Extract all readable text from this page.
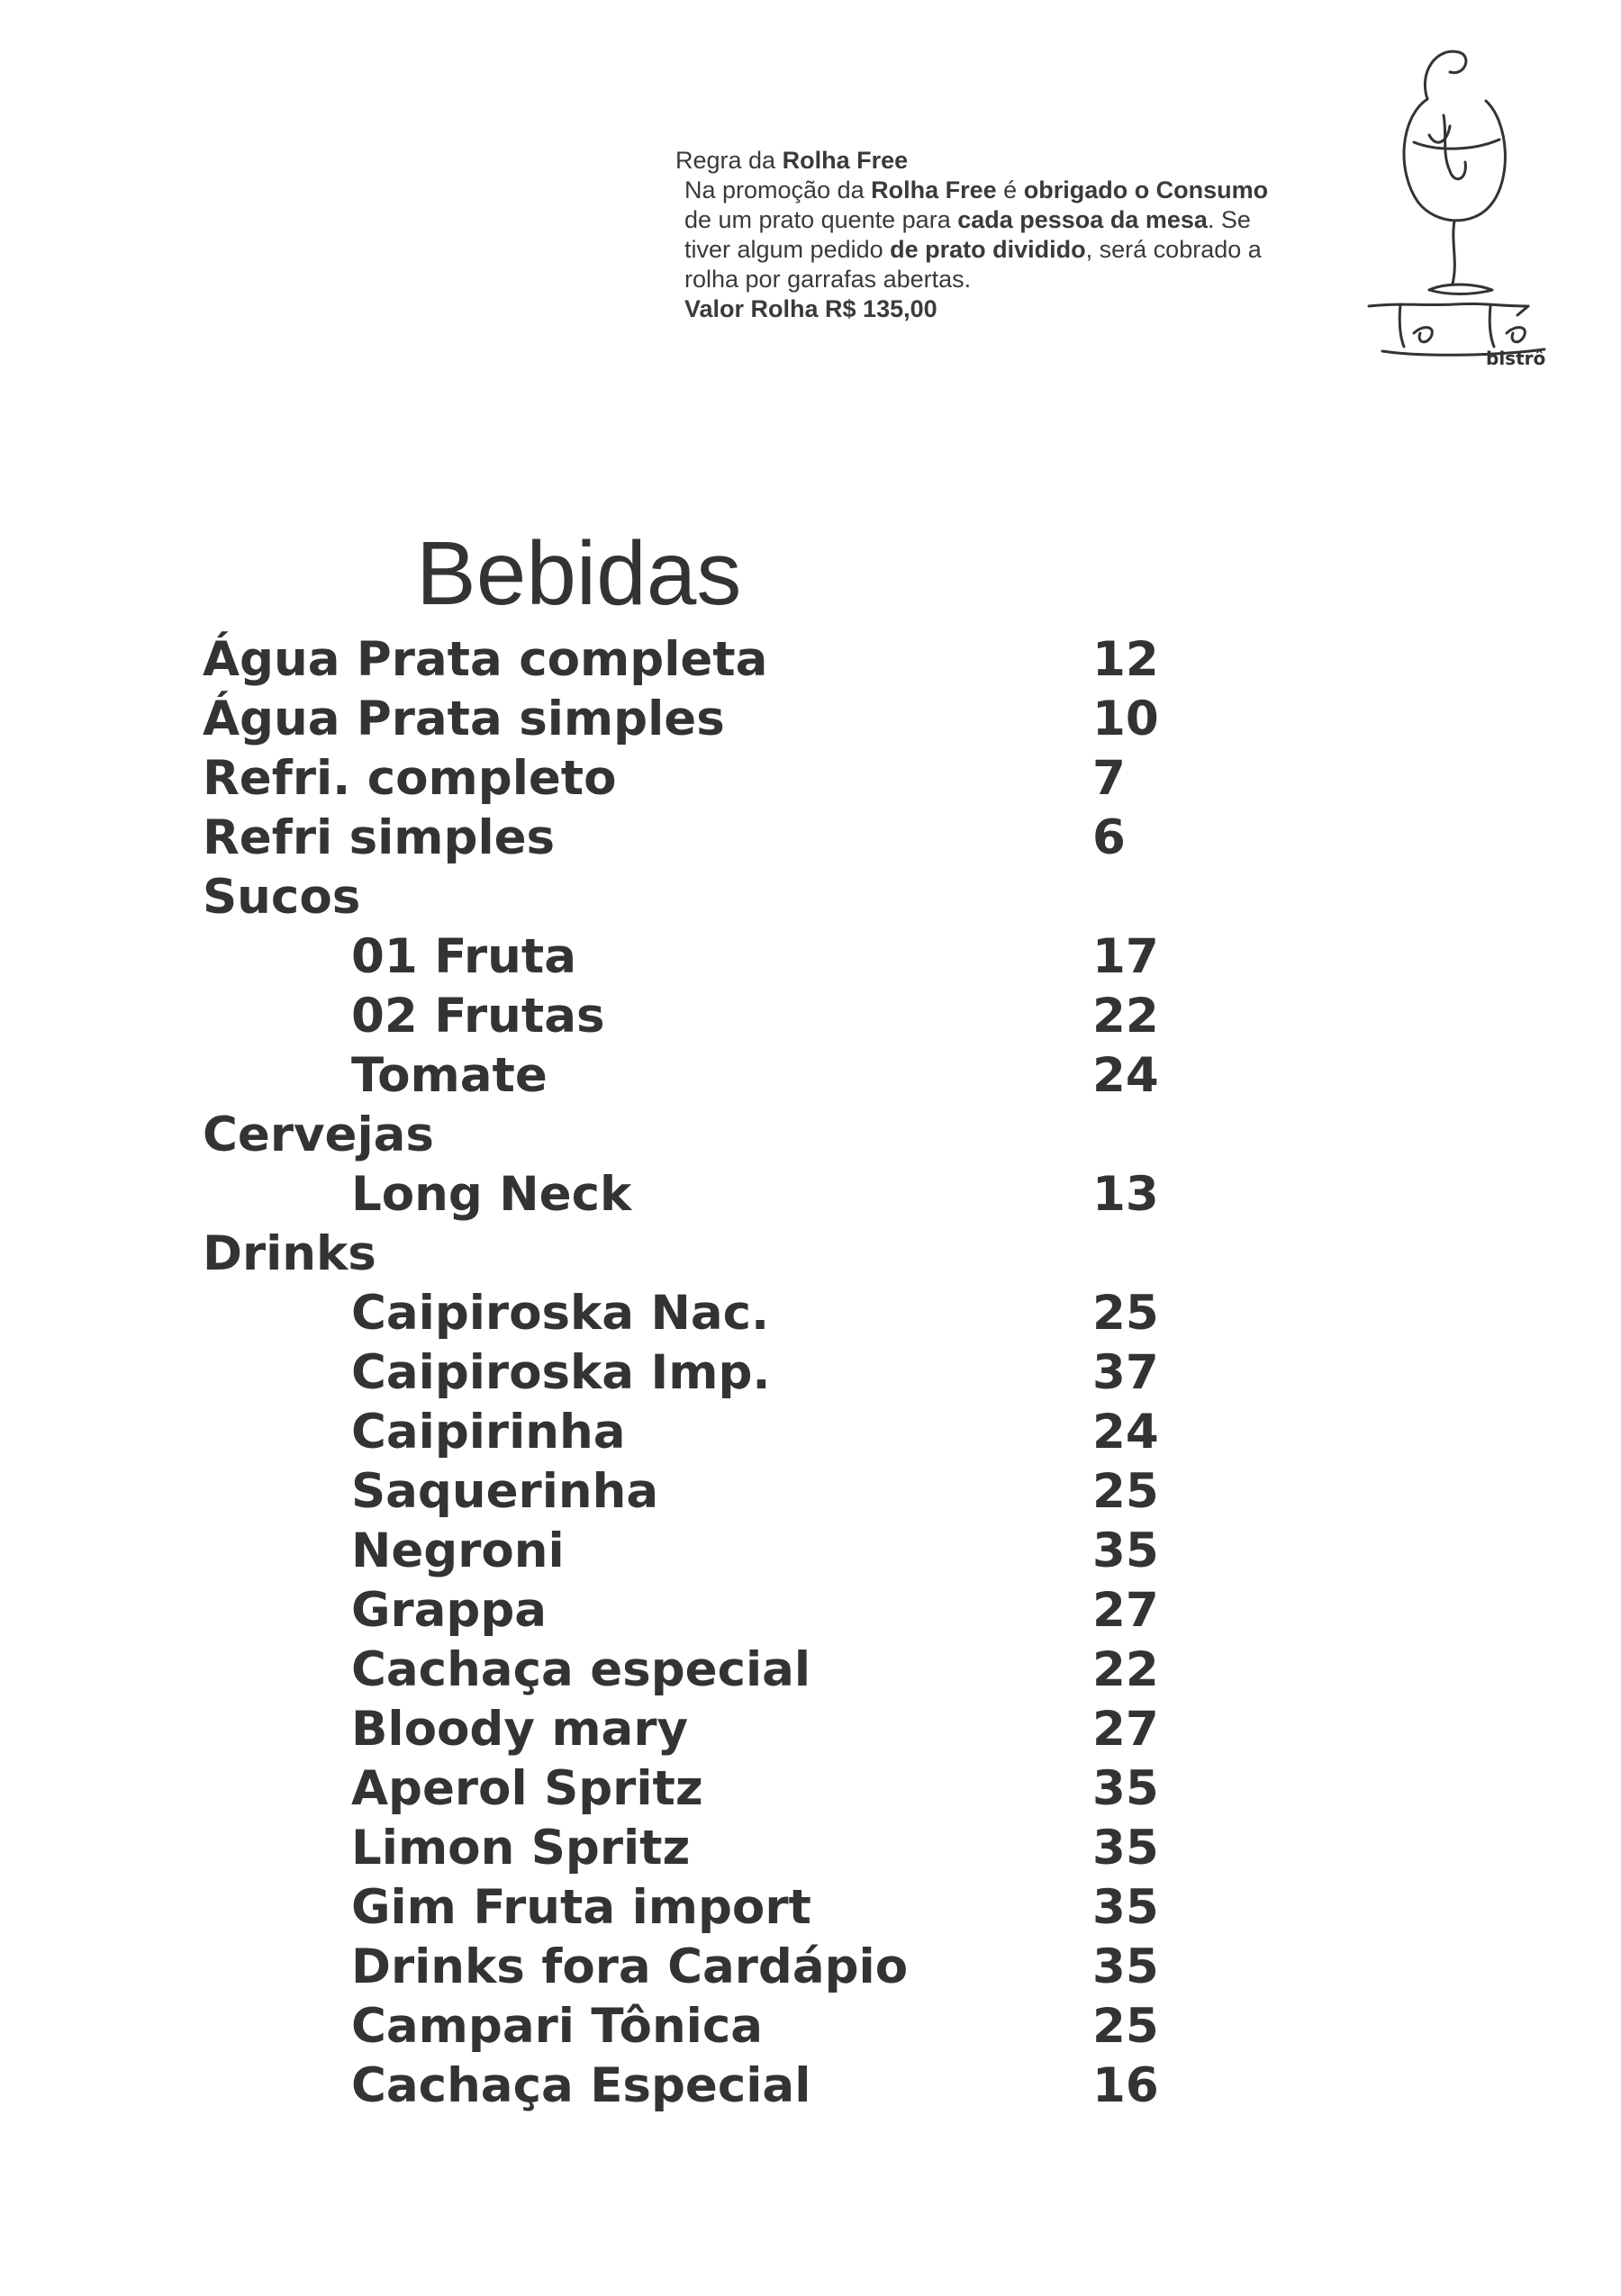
Regra da Rolha Free
Na promoção da Rolha Free é obrigado o Consumo
de um prato quente para cada pessoa da mesa. Se
tiver algum pedido de prato dividido, será cobrado a
rolha por garrafas abertas.
Valor Rolha R$ 135,00
bistrô
Bebidas
Água Prata completa	12
Água Prata simples	10
Refri. completo	7
Refri simples	6
Sucos
01 Fruta	17
02 Frutas	22
Tomate	24
Cervejas
Long Neck	13
Drinks
Caipiroska Nac.	25
Caipiroska Imp.	37
Caipirinha	24
Saquerinha	25
Negroni	35
Grappa	27
Cachaça especial	22
Bloody mary	27
Aperol Spritz	35
Limon Spritz	35
Gim Fruta import	35
Drinks fora Cardápio	35
Campari Tônica	25
Cachaça Especial	16
